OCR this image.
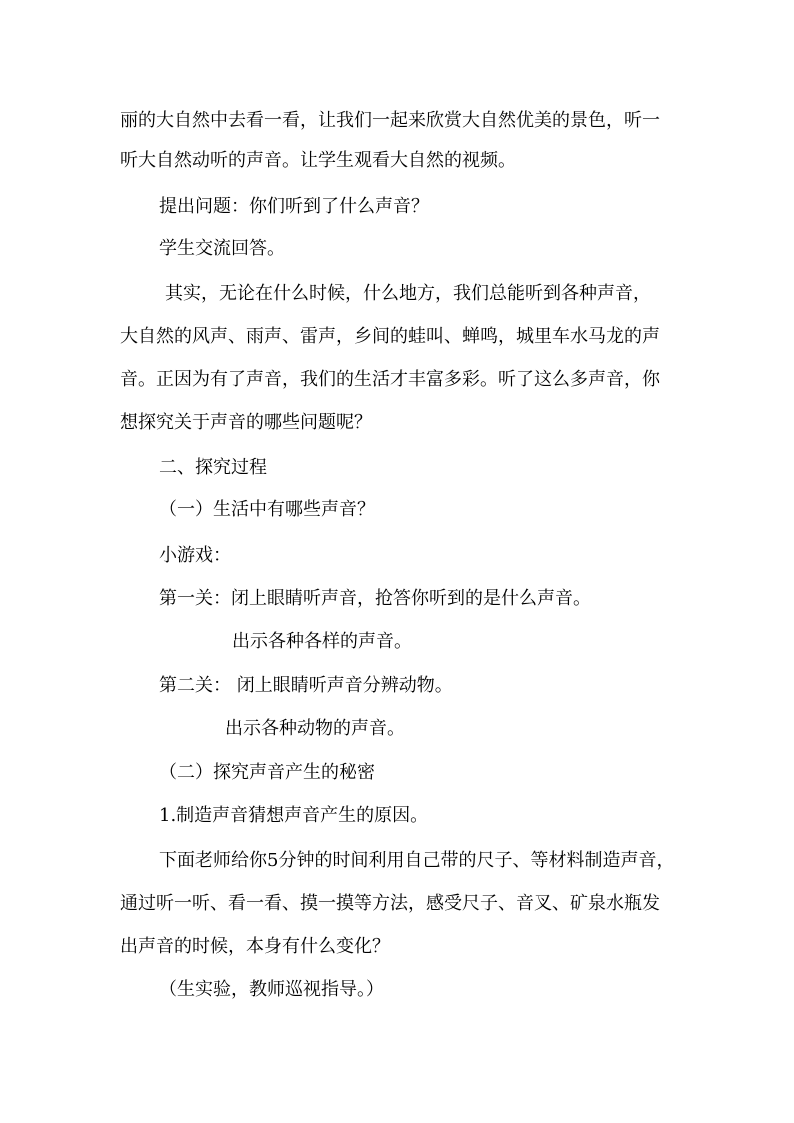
丽的大自然中去看一看，让我们一起来欣赏大自然优美的景色，听一
听大自然动听的声音。让学生观看大自然的视频。
提出问题：你们听到了什么声音？
学生交流回答。
其实，无论在什么时候，什么地方，我们总能听到各种声音，
大自然的风声、雨声、雷声，乡间的蛙叫、蝉鸣，城里车水马龙的声
音。正因为有了声音，我们的生活才丰富多彩。听了这么多声音，你
想探究关于声音的哪些问题呢？
二、探究过程
（一）生活中有哪些声音？
小游戏：
第一关：闭上眼睛听声音，抢答你听到的是什么声音。
出示各种各样的声音。
第二关： 闭上眼睛听声音分辨动物。
出示各种动物的声音。
（二）探究声音产生的秘密
1.制造声音猜想声音产生的原因。
下面老师给你5分钟的时间利用自己带的尺子、等材料制造声音，
通过听一听、看一看、摸一摸等方法，感受尺子、音叉、矿泉水瓶发
出声音的时候，本身有什么变化？
（生实验，教师巡视指导。）
